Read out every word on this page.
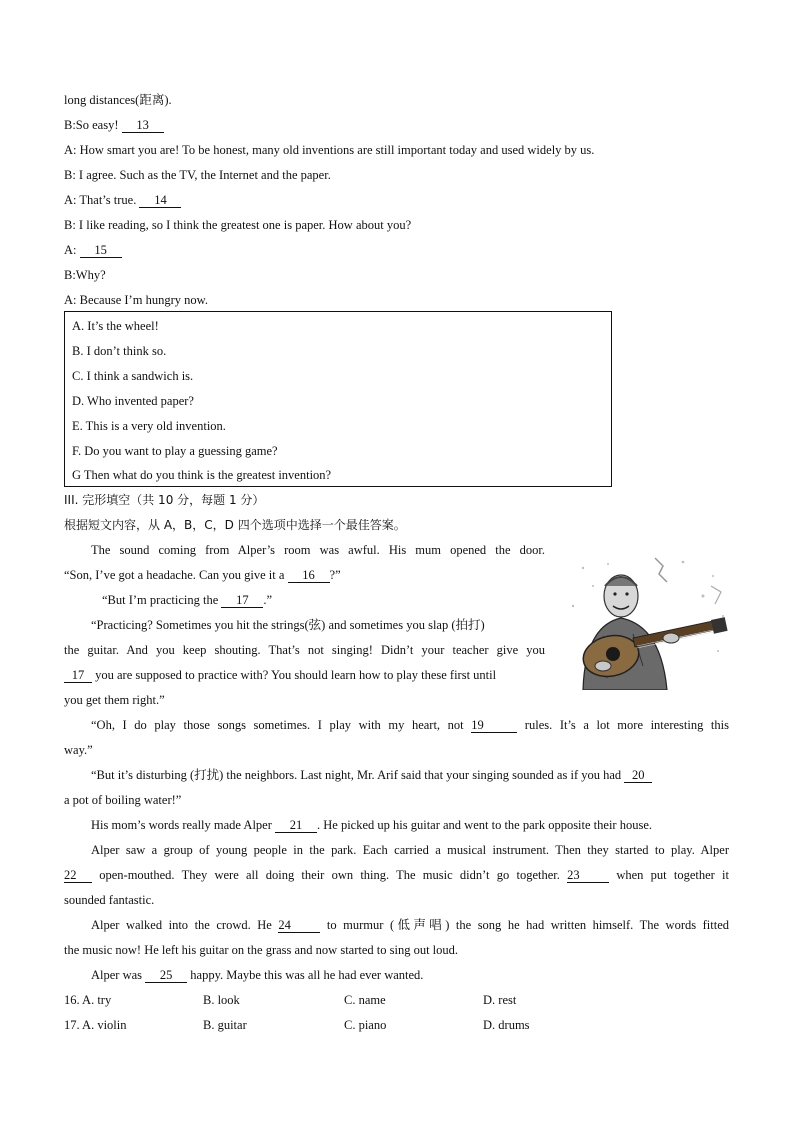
long distances(距离).
B:So easy! 13
A: How smart you are! To be honest, many old inventions are still important today and used widely by us.
B: I agree. Such as the TV, the Internet and the paper.
A: That’s true. 14
B: I like reading, so I think the greatest one is paper. How about you?
A: 15
B:Why?
A: Because I’m hungry now.
A. It’s the wheel!
B. I don’t think so.
C. I think a sandwich is.
D. Who invented paper?
E. This is a very old invention.
F. Do you want to play a guessing game?
G Then what do you think is the greatest invention?
III. 完形填空（共 10 分，每题 1 分）
根据短文内容，从 A，B，C，D 四个选项中选择一个最佳答案。
The sound coming from Alper’s room was awful. His mum opened the door.
“Son, I’ve got a headache. Can you give it a 16 ?”
“But I’m practicing the 17 .”
“Practicing? Sometimes you hit the strings(弦) and sometimes you slap (拍打)
the guitar. And you keep shouting. That’s not singing! Didn’t your teacher give you
17 you are supposed to practice with? You should learn how to play these first until
you get them right.”
“Oh, I do play those songs sometimes. I play with my heart, not 19	rules. It’s a lot more interesting this
way.”
“But it’s disturbing (打扰) the neighbors. Last night, Mr. Arif said that your singing sounded as if you had 20
a pot of boiling water!”
His mom’s words really made Alper 21 . He picked up his guitar and went to the park opposite their house.
Alper saw a group of young people in the park. Each carried a musical instrument. Then they started to play. Alper
22 open-mouthed. They were all doing their own thing. The music didn’t go together. 23 when put together it
sounded fantastic.
Alper walked into the crowd. He 24 to murmur (低声唱) the song he had written himself. The words fitted
the music now! He left his guitar on the grass and now started to sing out loud.
Alper was 25 happy. Maybe this was all he had ever wanted.
16. A. try	B. look	C. name	D. rest
17. A. violin	B. guitar	C. piano	D. drums
